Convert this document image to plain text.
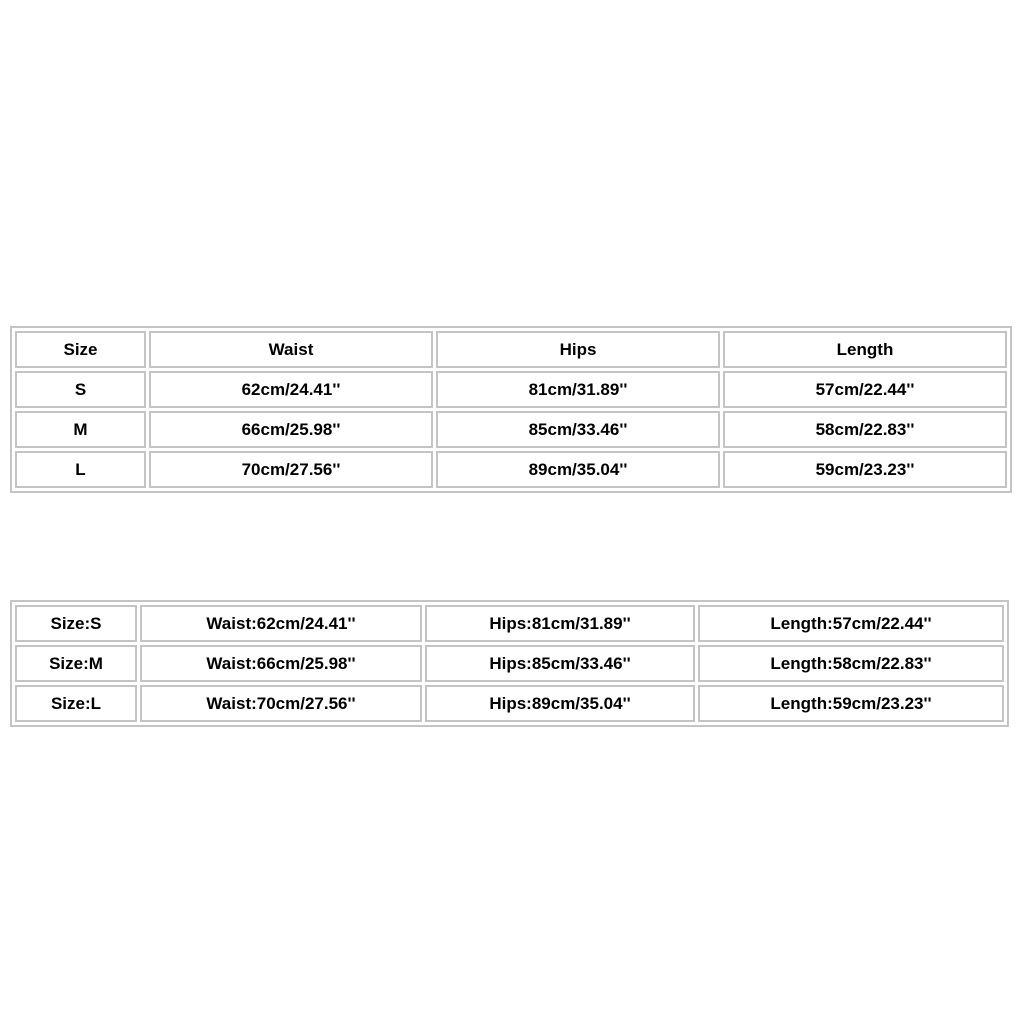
Size	Waist	Hips	Length
S	62cm/24.41''	81cm/31.89''	57cm/22.44''
M	66cm/25.98''	85cm/33.46''	58cm/22.83''
L	70cm/27.56''	89cm/35.04''	59cm/23.23''
Size:S	Waist:62cm/24.41''	Hips:81cm/31.89''	Length:57cm/22.44''
Size:M	Waist:66cm/25.98''	Hips:85cm/33.46''	Length:58cm/22.83''
Size:L	Waist:70cm/27.56''	Hips:89cm/35.04''	Length:59cm/23.23''
